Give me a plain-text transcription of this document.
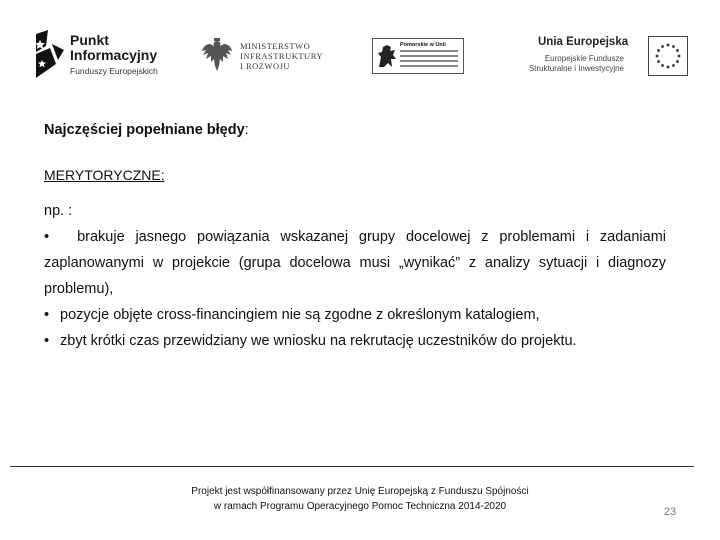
Punkt
Informacyjny
Funduszy Europejskich
MINISTERSTWO
INFRASTRUKTURY
I ROZWOJU
Pomorskie w Unii	Unia Europejska
Europejskie Fundusze
Strukturalne i Inwestycyjne
Najczęściej popełniane błędy:
MERYTORYCZNE:

np. :

• brakuje jasnego powiązania wskazanej grupy docelowej z problemami i zadaniami zaplanowanymi w projekcie (grupa docelowa musi „wynikać” z analizy sytuacji i diagnozy problemu),

• pozycje objęte cross-financingiem nie są zgodne z określonym katalogiem,

• zbyt krótki czas przewidziany we wniosku na rekrutację uczestników do projektu.

Projekt jest współfinansowany przez Unię Europejską z Funduszu Spójności
w ramach Programu Operacyjnego Pomoc Techniczna 2014-2020	23
